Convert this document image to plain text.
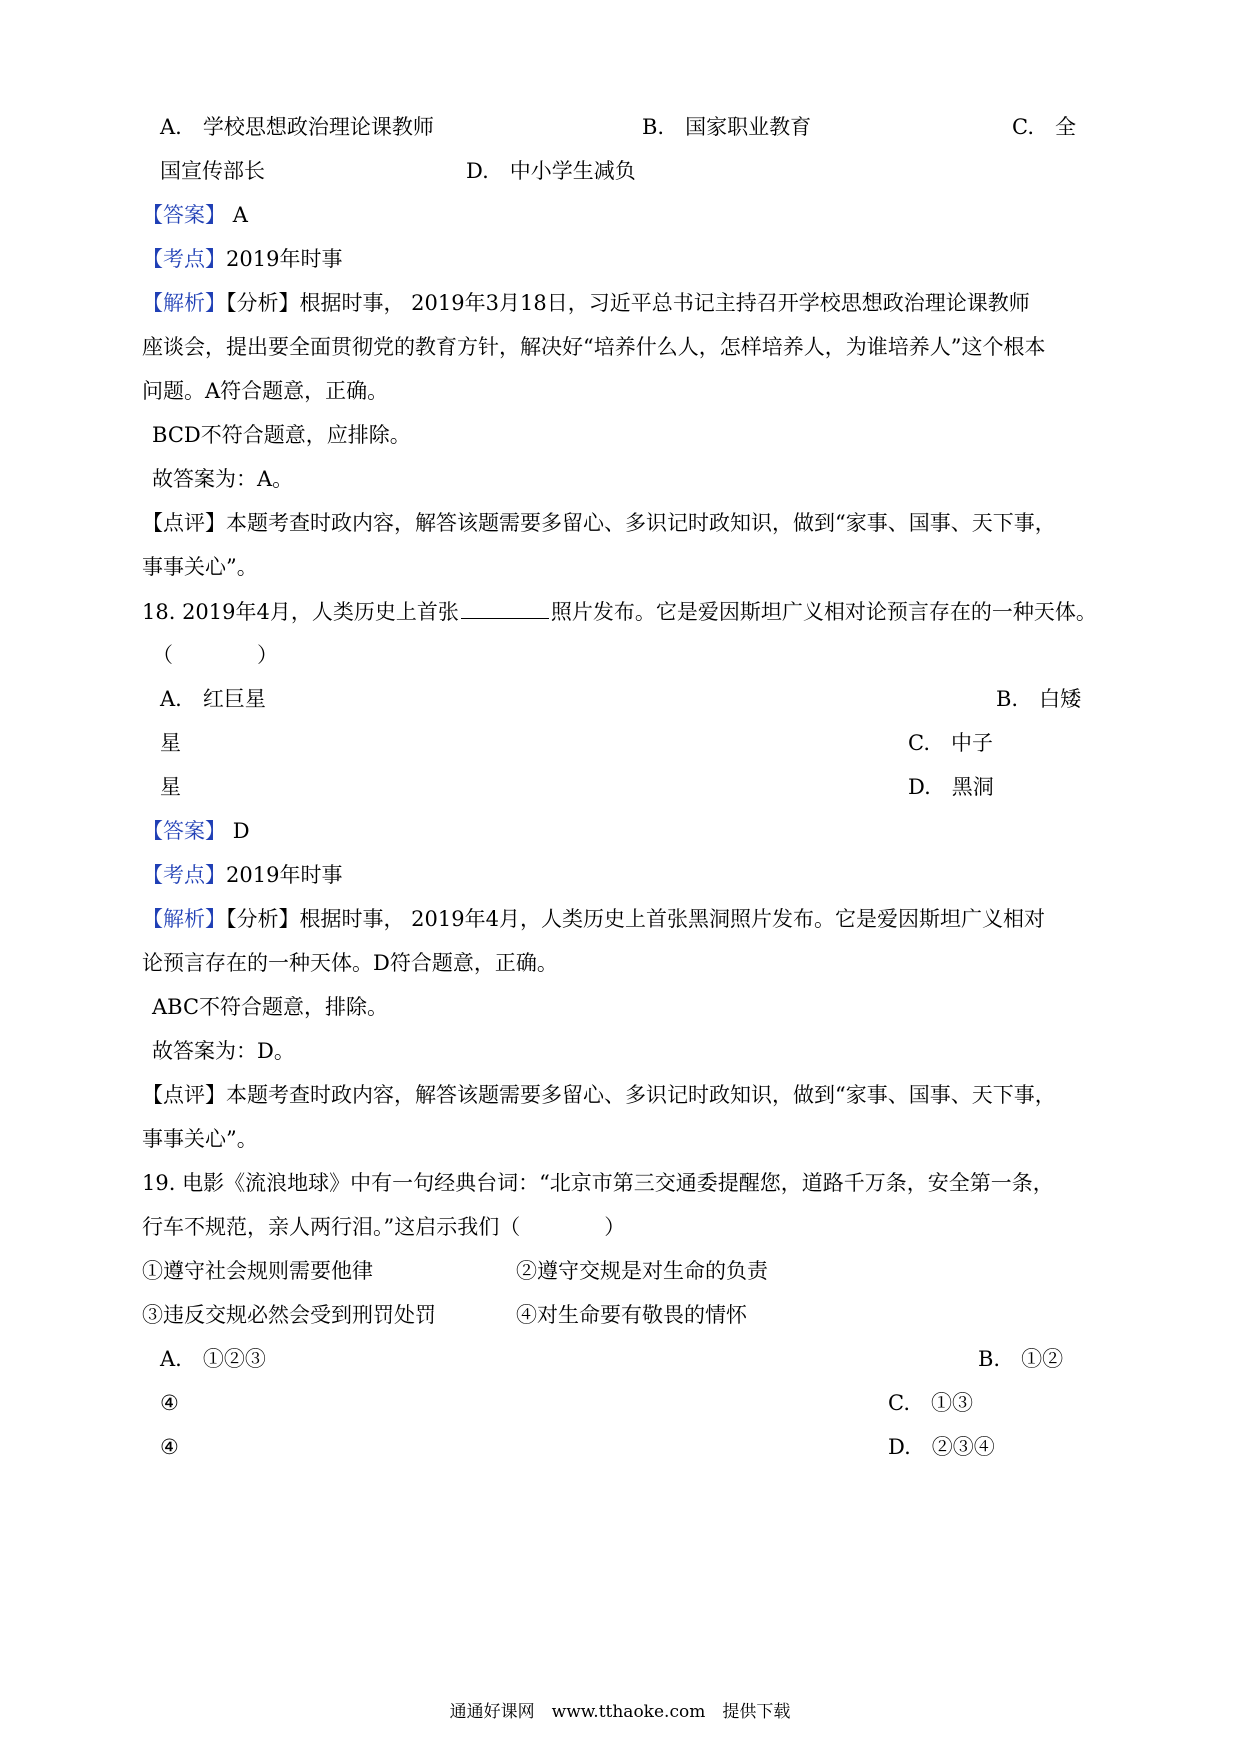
A.　学校思想政治理论课教师	B.　国家职业教育	C.　全
国宣传部长	D.　中小学生减负
【答案】 A
【考点】2019年时事
【解析】【分析】根据时事， 2019年3月18日，习近平总书记主持召开学校思想政治理论课教师
座谈会，提出要全面贯彻党的教育方针，解决好“培养什么人，怎样培养人，为谁培养人”这个根本
问题。A符合题意，正确。
BCD不符合题意，应排除。
故答案为：A。
【点评】本题考查时政内容，解答该题需要多留心、多识记时政知识，做到“家事、国事、天下事，
事事关心”。
18. 2019年4月，人类历史上首张	照片发布。它是爱因斯坦广义相对论预言存在的一种天体。
（　　　　）
A.　红巨星	B.　白矮
星	C.　中子
星	D.　黑洞
【答案】 D
【考点】2019年时事
【解析】【分析】根据时事， 2019年4月，人类历史上首张黑洞照片发布。它是爱因斯坦广义相对
论预言存在的一种天体。D符合题意，正确。
ABC不符合题意，排除。
故答案为：D。
【点评】本题考查时政内容，解答该题需要多留心、多识记时政知识，做到“家事、国事、天下事，
事事关心”。
19. 电影《流浪地球》中有一句经典台词：“北京市第三交通委提醒您，道路千万条，安全第一条，
行车不规范，亲人两行泪。”这启示我们（　　　　）
①遵守社会规则需要他律	②遵守交规是对生命的负责
③违反交规必然会受到刑罚处罚	④对生命要有敬畏的情怀
A.　①②③	B.　①②
④	C.　①③
④	D.　②③④
通通好课网　www.tthaoke.com　提供下载
